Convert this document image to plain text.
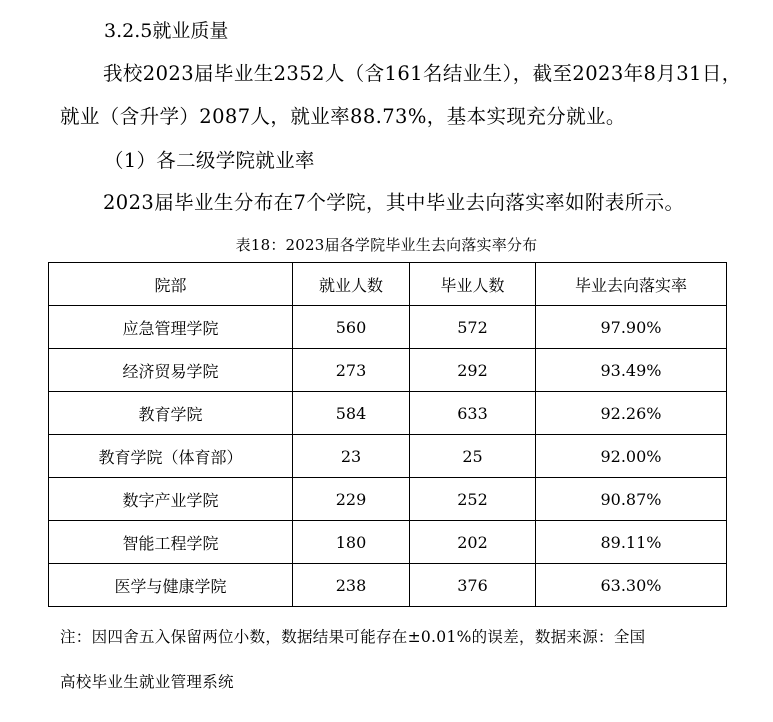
3.2.5就业质量
我校2023届毕业生2352人（含161名结业生），截至2023年8月31日，
就业（含升学）2087人，就业率88.73%，基本实现充分就业。
（1）各二级学院就业率
2023届毕业生分布在7个学院，其中毕业去向落实率如附表所示。
表18：2023届各学院毕业生去向落实率分布
院部	就业人数	毕业人数	毕业去向落实率
应急管理学院	560	572	97.90%
经济贸易学院	273	292	93.49%
教育学院	584	633	92.26%
教育学院（体育部）	23	25	92.00%
数字产业学院	229	252	90.87%
智能工程学院	180	202	89.11%
医学与健康学院	238	376	63.30%
注：因四舍五入保留两位小数，数据结果可能存在±0.01%的误差，数据来源：全国
高校毕业生就业管理系统
